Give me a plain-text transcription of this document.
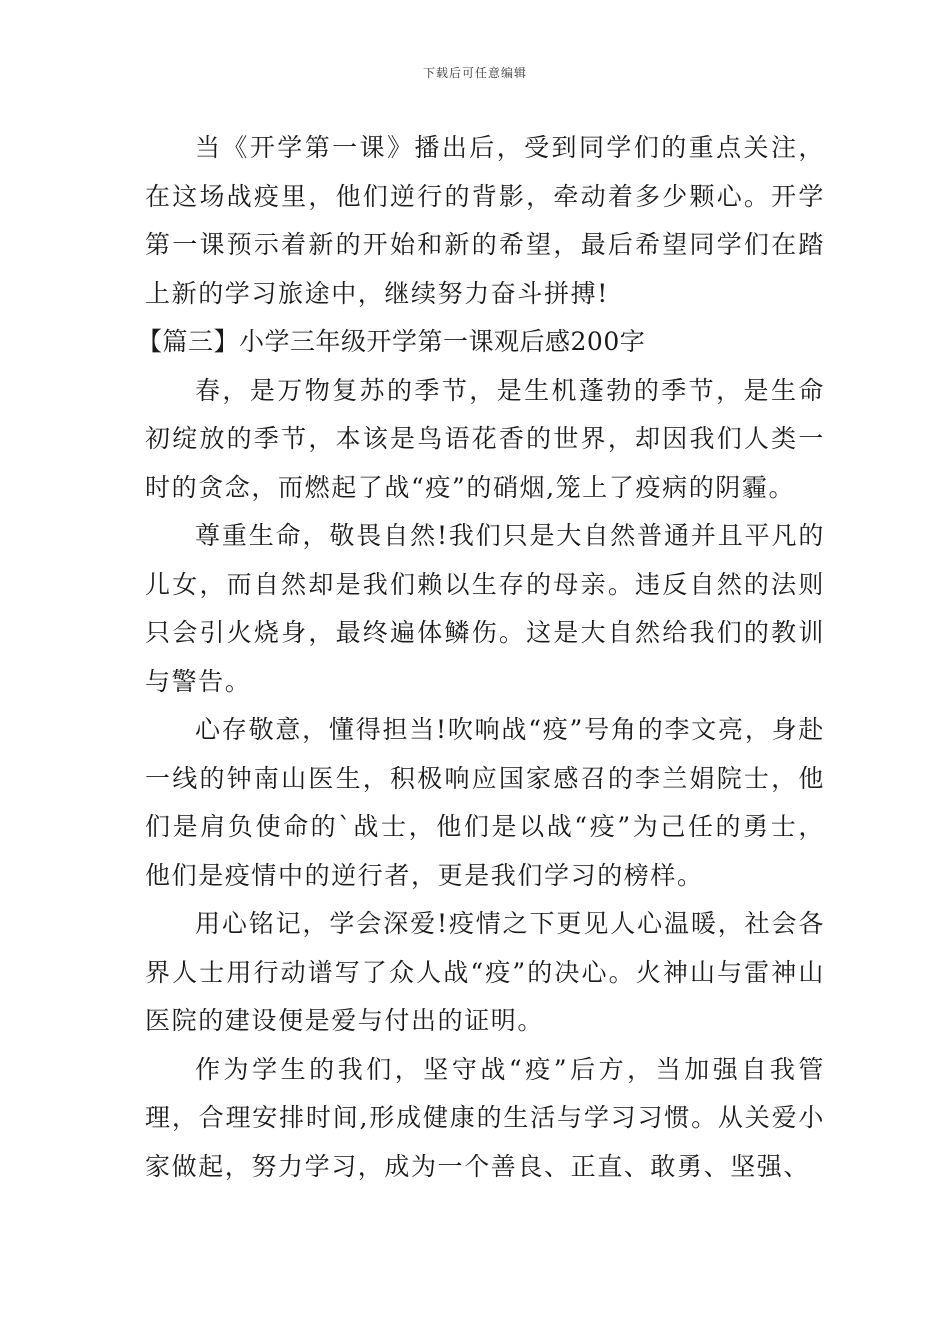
下载后可任意编辑

当《开学第一课》播出后，受到同学们的重点关注，在这场战疫里，他们逆行的背影，牵动着多少颗心。开学第一课预示着新的开始和新的希望，最后希望同学们在踏上新的学习旅途中，继续努力奋斗拼搏!

【篇三】小学三年级开学第一课观后感200字

春，是万物复苏的季节，是生机蓬勃的季节，是生命初绽放的季节，本该是鸟语花香的世界，却因我们人类一时的贪念，而燃起了战“疫”的硝烟,笼上了疫病的阴霾。

尊重生命，敬畏自然!我们只是大自然普通并且平凡的儿女，而自然却是我们赖以生存的母亲。违反自然的法则只会引火烧身，最终遍体鳞伤。这是大自然给我们的教训与警告。

心存敬意，懂得担当!吹响战“疫”号角的李文亮，身赴一线的钟南山医生，积极响应国家感召的李兰娟院士，他们是肩负使命的`战士，他们是以战“疫”为己任的勇士，他们是疫情中的逆行者，更是我们学习的榜样。

用心铭记，学会深爱!疫情之下更见人心温暖，社会各界人士用行动谱写了众人战“疫”的决心。火神山与雷神山医院的建设便是爱与付出的证明。

作为学生的我们，坚守战“疫”后方，当加强自我管理，合理安排时间,形成健康的生活与学习习惯。从关爱小家做起，努力学习，成为一个善良、正直、敢勇、坚强、
